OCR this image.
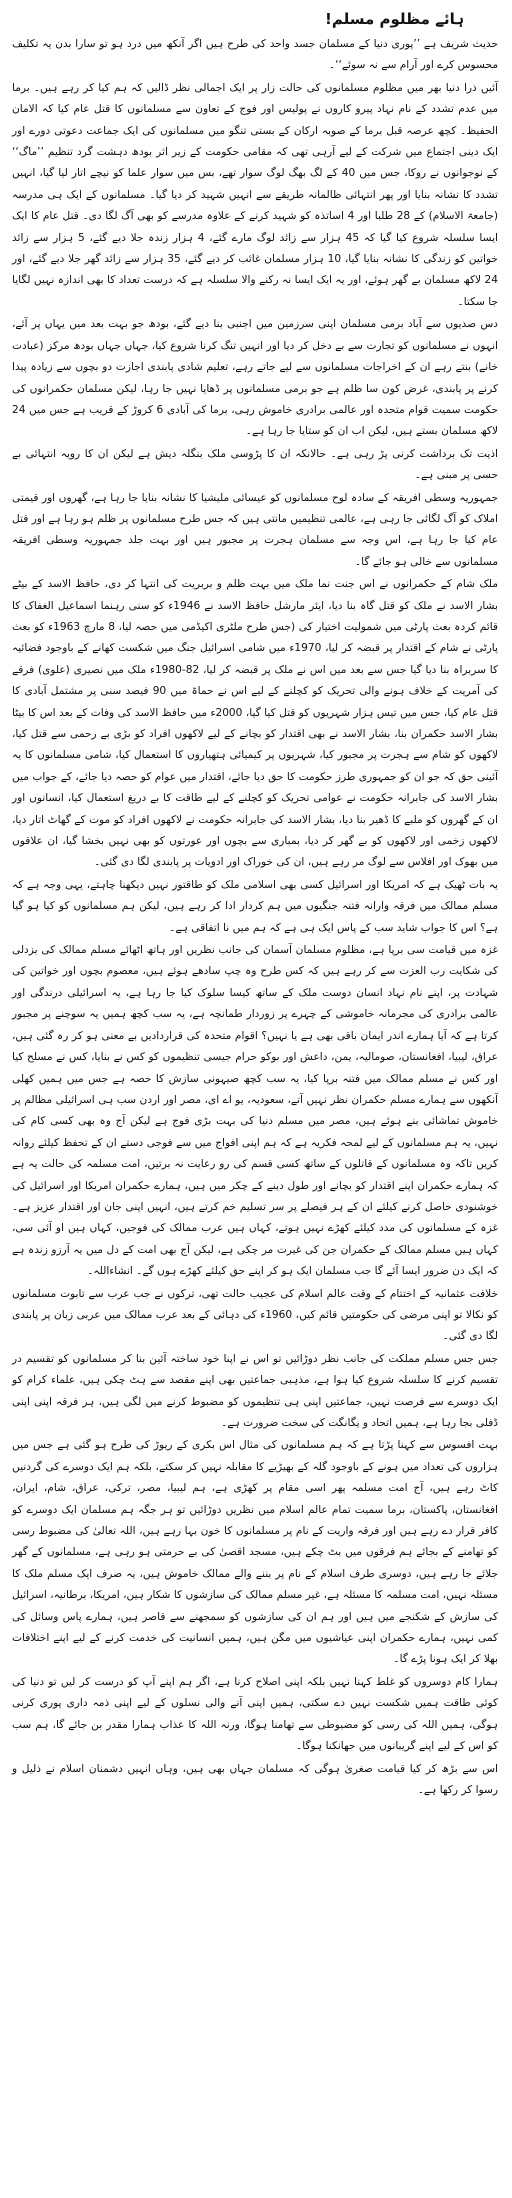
ہائے مظلوم مسلم!

حدیث شریف ہے ’’پوری دنیا کے مسلمان جسد واحد کی طرح ہیں اگر آنکھ میں درد ہو تو سارا بدن یہ تکلیف محسوس کرے اور آرام سے نہ سوئے‘‘۔

آئیں ذرا دنیا بھر میں مظلوم مسلمانوں کی حالت زار پر ایک اجمالی نظر ڈالیں کہ ہم کیا کر رہے ہیں۔ برما میں عدم تشدد کے نام نہاد پیرو کاروں نے پولیس اور فوج کے تعاون سے مسلمانوں کا قتل عام کیا کہ الامان الحفیظ۔ کچھ عرصہ قبل برما کے صوبہ ارکان کے بستی تنگو میں مسلمانوں کی ایک جماعت دعوتی دورے اور ایک دینی اجتماع میں شرکت کے لیے آرہی تھی کہ مقامی حکومت کے زیر اثر بودھ دہشت گرد تنظیم ’’ماگ‘‘ کے نوجوانوں نے روکا، جس میں 40 کے لگ بھگ لوگ سوار تھے، بس میں سوار علما کو نیچے اتار لیا گیا، انہیں تشدد کا نشانہ بنایا اور پھر انتہائی ظالمانہ طریقے سے انہیں شہید کر دیا گیا۔ مسلمانوں کے ایک ہی مدرسہ (جامعۃ الاسلام) کے 28 طلبا اور 4 اساتذہ کو شہید کرنے کے علاوہ مدرسے کو بھی آگ لگا دی۔ قتل عام کا ایک ایسا سلسلہ شروع کیا گیا کہ 45 ہزار سے زائد لوگ مارے گئے، 4 ہزار زندہ جلا دیے گئے، 5 ہزار سے زائد خواتین کو زندگی کا نشانہ بنایا گیا، 10 ہزار مسلمان غائب کر دیے گئے، 35 ہزار سے زائد گھر جلا دیے گئے، اور 24 لاکھ مسلمان بے گھر ہوئے، اور یہ ایک ایسا نہ رکنے والا سلسلہ ہے کہ درست تعداد کا بھی اندازہ نہیں لگایا جا سکتا۔

دس صدیوں سے آباد برمی مسلمان اپنی سرزمین میں اجنبی بنا دیے گئے، بودھ جو بہت بعد میں یہاں پر آئے، انہوں نے مسلمانوں کو تجارت سے بے دخل کر دیا اور انہیں تنگ کرنا شروع کیا، جہاں جہاں بودھ مرکز (عبادت خانے) بنتے رہے ان کے اخراجات مسلمانوں سے لیے جاتے رہے، تعلیم شادی پابندی اجازت دو بچوں سے زیادہ پیدا کرنے پر پابندی، غرض کون سا ظلم ہے جو برمی مسلمانوں پر ڈھایا نہیں جا رہا، لیکن مسلمان حکمرانوں کی حکومت سمیت قوام متحدہ اور عالمی برادری خاموش رہی، برما کی آبادی 6 کروڑ کے قریب ہے جس میں 24 لاکھ مسلمان بستے ہیں، لیکن اب ان کو ستایا جا رہا ہے۔

اذیت تک برداشت کرنی پڑ رہی ہے۔ حالانکہ ان کا پڑوسی ملک بنگلہ دیش ہے لیکن ان کا رویہ انتہائی بے حسی پر مبنی ہے۔

جمہوریہ وسطی افریقہ کے سادہ لوح مسلمانوں کو عیسائی ملیشیا کا نشانہ بنایا جا رہا ہے، گھروں اور قیمتی املاک کو آگ لگائی جا رہی ہے، عالمی تنظیمیں مانتی ہیں کہ جس طرح مسلمانوں پر ظلم ہو رہا ہے اور قتل عام کیا جا رہا ہے، اس وجہ سے مسلمان ہجرت پر مجبور ہیں اور بہت جلد جمہوریہ وسطی افریقہ مسلمانوں سے خالی ہو جائے گا۔

ملک شام کے حکمرانوں نے اس جنت نما ملک میں بہت ظلم و بربریت کی انتہا کر دی، حافظ الاسد کے بیٹے بشار الاسد نے ملک کو قتل گاہ بنا دیا، ایئر مارشل حافظ الاسد نے 1946ء کو سنی رہنما اسماعیل الغفاک کا قائم کردہ بعث پارٹی میں شمولیت اختیار کی (جس طرح ملٹری اکیڈمی میں حصہ لیا، 8 مارچ 1963ء کو بعث پارٹی نے شام کے اقتدار پر قبضہ کر لیا، 1970ء میں شامی اسرائیل جنگ میں شکست کھانے کے باوجود فضائیہ کا سربراہ بنا دیا گیا جس سے بعد میں اس نے ملک پر قبضہ کر لیا، 82-1980ء ملک میں نصیری (علوی) فرقے کی آمریت کے خلاف ہونے والی تحریک کو کچلنے کے لیے اس نے حماۃ میں 90 فیصد سنی پر مشتمل آبادی کا قتل عام کیا، جس میں تیس ہزار شہریوں کو قتل کیا گیا، 2000ء میں حافظ الاسد کی وفات کے بعد اس کا بیٹا بشار الاسد حکمران بنا، بشار الاسد نے بھی اقتدار کو بچانے کے لیے لاکھوں افراد کو بڑی بے رحمی سے قتل کیا، لاکھوں کو شام سے ہجرت پر مجبور کیا، شہریوں پر کیمیائی ہتھیاروں کا استعمال کیا، شامی مسلمانوں کا یہ آئینی حق کہ جو ان کو جمہوری طرز حکومت کا حق دیا جائے، اقتدار میں عوام کو حصہ دیا جائے، کے جواب میں بشار الاسد کی جابرانہ حکومت نے عوامی تحریک کو کچلنے کے لیے طاقت کا بے دریغ استعمال کیا، انسانوں اور ان کے گھروں کو ملبے کا ڈھیر بنا دیا، بشار الاسد کی جابرانہ حکومت نے لاکھوں افراد کو موت کے گھاٹ اتار دیا، لاکھوں زخمی اور لاکھوں کو بے گھر کر دیا، بمباری سے بچوں اور عورتوں کو بھی نہیں بخشا گیا، ان علاقوں میں بھوک اور افلاس سے لوگ مر رہے ہیں، ان کی خوراک اور ادویات پر پابندی لگا دی گئی۔

یہ بات ٹھیک ہے کہ امریکا اور اسرائیل کسی بھی اسلامی ملک کو طاقتور نہیں دیکھنا چاہتے، یہی وجہ ہے کہ مسلم ممالک میں فرقہ وارانہ فتنہ جنگیوں میں ہم کردار ادا کر رہے ہیں، لیکن ہم مسلمانوں کو کیا ہو گیا ہے؟ اس کا جواب شاید سب کے پاس ایک ہی ہے کہ ہم میں نا اتفاقی ہے۔

غزہ میں قیامت سی برپا ہے، مظلوم مسلمان آسمان کی جانب نظریں اور ہاتھ اٹھائے مسلم ممالک کی بزدلی کی شکایت رب العزت سے کر رہے ہیں کہ کس طرح وہ چپ سادھے ہوئے ہیں، معصوم بچوں اور خواتین کی شہادت پر، اپنے نام نہاد انسان دوست ملک کے ساتھ کیسا سلوک کیا جا رہا ہے، یہ اسرائیلی درندگی اور عالمی برادری کی مجرمانہ خاموشی کے چہرے پر زوردار طمانچہ ہے، یہ سب کچھ ہمیں یہ سوچنے پر مجبور کرتا ہے کہ آیا ہمارے اندر ایمان باقی بھی ہے یا نہیں؟ اقوام متحدہ کی قراردادیں بے معنی ہو کر رہ گئی ہیں، عراق، لیبیا، افغانستان، صومالیہ، یمن، داعش اور بوکو حرام جیسی تنظیموں کو کس نے بنایا، کس نے مسلح کیا اور کس نے مسلم ممالک میں فتنہ برپا کیا، یہ سب کچھ صیہونی سازش کا حصہ ہے جس میں ہمیں کھلی آنکھوں سے ہمارے مسلم حکمران نظر نہیں آتے، سعودیہ، یو اے ای، مصر اور اردن سب ہی اسرائیلی مظالم پر خاموش تماشائی بنے ہوئے ہیں، مصر میں مسلم دنیا کی بہت بڑی فوج ہے لیکن آج وہ بھی کسی کام کی نہیں، یہ ہم مسلمانوں کے لیے لمحہ فکریہ ہے کہ ہم اپنی افواج میں سے فوجی دستے ان کے تحفظ کیلئے روانہ کریں تاکہ وہ مسلمانوں کے قاتلوں کے ساتھ کسی قسم کی رو رعایت نہ برتیں، امت مسلمہ کی حالت یہ ہے کہ ہمارے حکمران اپنے اقتدار کو بچانے اور طول دینے کے چکر میں ہیں، ہمارے حکمران امریکا اور اسرائیل کی خوشنودی حاصل کرنے کیلئے ان کے ہر فیصلے پر سر تسلیم خم کرتے ہیں، انہیں اپنی جان اور اقتدار عزیز ہے۔ غزہ کے مسلمانوں کی مدد کیلئے کھڑے نہیں ہوتے، کہاں ہیں عرب ممالک کی فوجیں، کہاں ہیں او آئی سی، کہاں ہیں مسلم ممالک کے حکمران جن کی غیرت مر چکی ہے، لیکن آج بھی امت کے دل میں یہ آرزو زندہ ہے کہ ایک دن ضرور ایسا آئے گا جب مسلمان ایک ہو کر اپنے حق کیلئے کھڑے ہوں گے۔ انشاءاللہ۔

خلافت عثمانیہ کے اختتام کے وقت عالم اسلام کی عجیب حالت تھی، ترکوں نے جب عرب سے تابوت مسلمانوں کو نکالا تو اپنی مرضی کی حکومتیں قائم کیں، 1960ء کی دہائی کے بعد عرب ممالک میں عربی زبان پر پابندی لگا دی گئی۔

جس جس مسلم مملکت کی جانب نظر دوڑائیں تو اس نے اپنا خود ساختہ آئین بنا کر مسلمانوں کو تقسیم در تقسیم کرنے کا سلسلہ شروع کیا ہوا ہے، مذہبی جماعتیں بھی اپنے مقصد سے ہٹ چکی ہیں، علماء کرام کو ایک دوسرے سے فرصت نہیں، جماعتیں اپنی ہی تنظیموں کو مضبوط کرنے میں لگی ہیں، ہر فرقہ اپنی اپنی ڈفلی بجا رہا ہے، ہمیں اتحاد و یگانگت کی سخت ضرورت ہے۔

بہت افسوس سے کہنا پڑتا ہے کہ ہم مسلمانوں کی مثال اس بکری کے ریوڑ کی طرح ہو گئی ہے جس میں ہزاروں کی تعداد میں ہونے کے باوجود گلہ کے بھیڑیے کا مقابلہ نہیں کر سکتے، بلکہ ہم ایک دوسرے کی گردنیں کاٹ رہے ہیں، آج امت مسلمہ پھر اسی مقام پر کھڑی ہے، ہم لیبیا، مصر، ترکی، عراق، شام، ایران، افغانستان، پاکستان، برما سمیت تمام عالم اسلام میں نظریں دوڑائیں تو ہر جگہ ہم مسلمان ایک دوسرے کو کافر قرار دے رہے ہیں اور فرقہ واریت کے نام پر مسلمانوں کا خون بہا رہے ہیں، اللہ تعالیٰ کی مضبوط رسی کو تھامنے کے بجائے ہم فرقوں میں بٹ چکے ہیں، مسجد اقصیٰ کی بے حرمتی ہو رہی ہے، مسلمانوں کے گھر جلائے جا رہے ہیں، دوسری طرف اسلام کے نام پر بننے والے ممالک خاموش ہیں، یہ صرف ایک مسلم ملک کا مسئلہ نہیں، امت مسلمہ کا مسئلہ ہے، غیر مسلم ممالک کی سازشوں کا شکار ہیں، امریکا، برطانیہ، اسرائیل کی سازش کے شکنجے میں ہیں اور ہم ان کی سازشوں کو سمجھنے سے قاصر ہیں، ہمارے پاس وسائل کی کمی نہیں، ہمارے حکمران اپنی عیاشیوں میں مگن ہیں، ہمیں انسانیت کی خدمت کرنے کے لیے اپنے اختلافات بھلا کر ایک ہونا پڑے گا۔

ہمارا کام دوسروں کو غلط کہنا نہیں بلکہ اپنی اصلاح کرنا ہے، اگر ہم اپنے آپ کو درست کر لیں تو دنیا کی کوئی طاقت ہمیں شکست نہیں دے سکتی، ہمیں اپنی آنے والی نسلوں کے لیے اپنی ذمہ داری پوری کرنی ہوگی، ہمیں اللہ کی رسی کو مضبوطی سے تھامنا ہوگا، ورنہ اللہ کا عذاب ہمارا مقدر بن جائے گا، ہم سب کو اس کے لیے اپنے گریبانوں میں جھانکنا ہوگا۔

اس سے بڑھ کر کیا قیامت صغریٰ ہوگی کہ مسلمان جہاں بھی ہیں، وہاں انہیں دشمنان اسلام نے ذلیل و رسوا کر رکھا ہے۔
